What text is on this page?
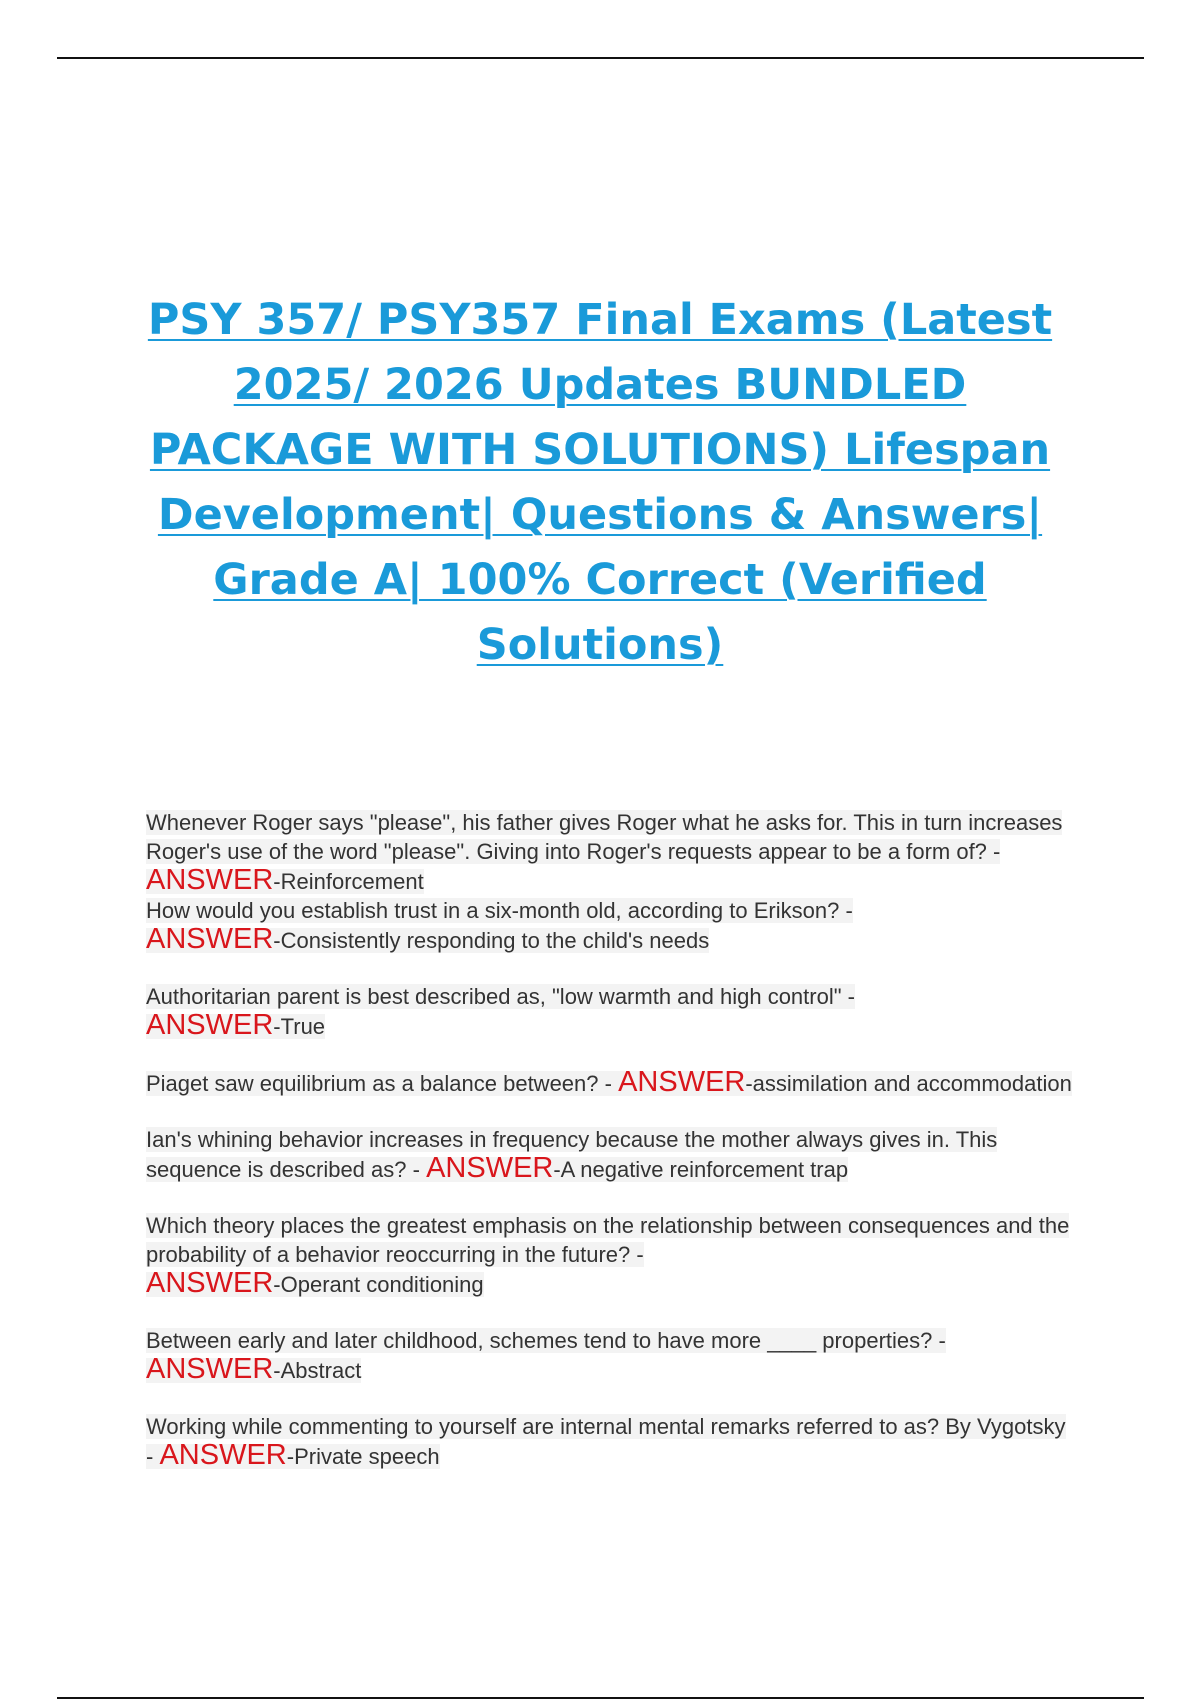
PSY 357/ PSY357 Final Exams (Latest 2025/ 2026 Updates BUNDLED PACKAGE WITH SOLUTIONS) Lifespan Development| Questions & Answers| Grade A| 100% Correct (Verified Solutions)

Whenever Roger says "please", his father gives Roger what he asks for. This in turn increases Roger's use of the word "please". Giving into Roger's requests appear to be a form of? - ANSWER-Reinforcement

How would you establish trust in a six-month old, according to Erikson? -
ANSWER-Consistently responding to the child's needs

Authoritarian parent is best described as, "low warmth and high control" -
ANSWER-True

Piaget saw equilibrium as a balance between? - ANSWER-assimilation and accommodation

Ian's whining behavior increases in frequency because the mother always gives in. This sequence is described as? - ANSWER-A negative reinforcement trap

Which theory places the greatest emphasis on the relationship between consequences and the probability of a behavior reoccurring in the future? -
ANSWER-Operant conditioning

Between early and later childhood, schemes tend to have more ____ properties? -
ANSWER-Abstract

Working while commenting to yourself are internal mental remarks referred to as? By Vygotsky - ANSWER-Private speech
